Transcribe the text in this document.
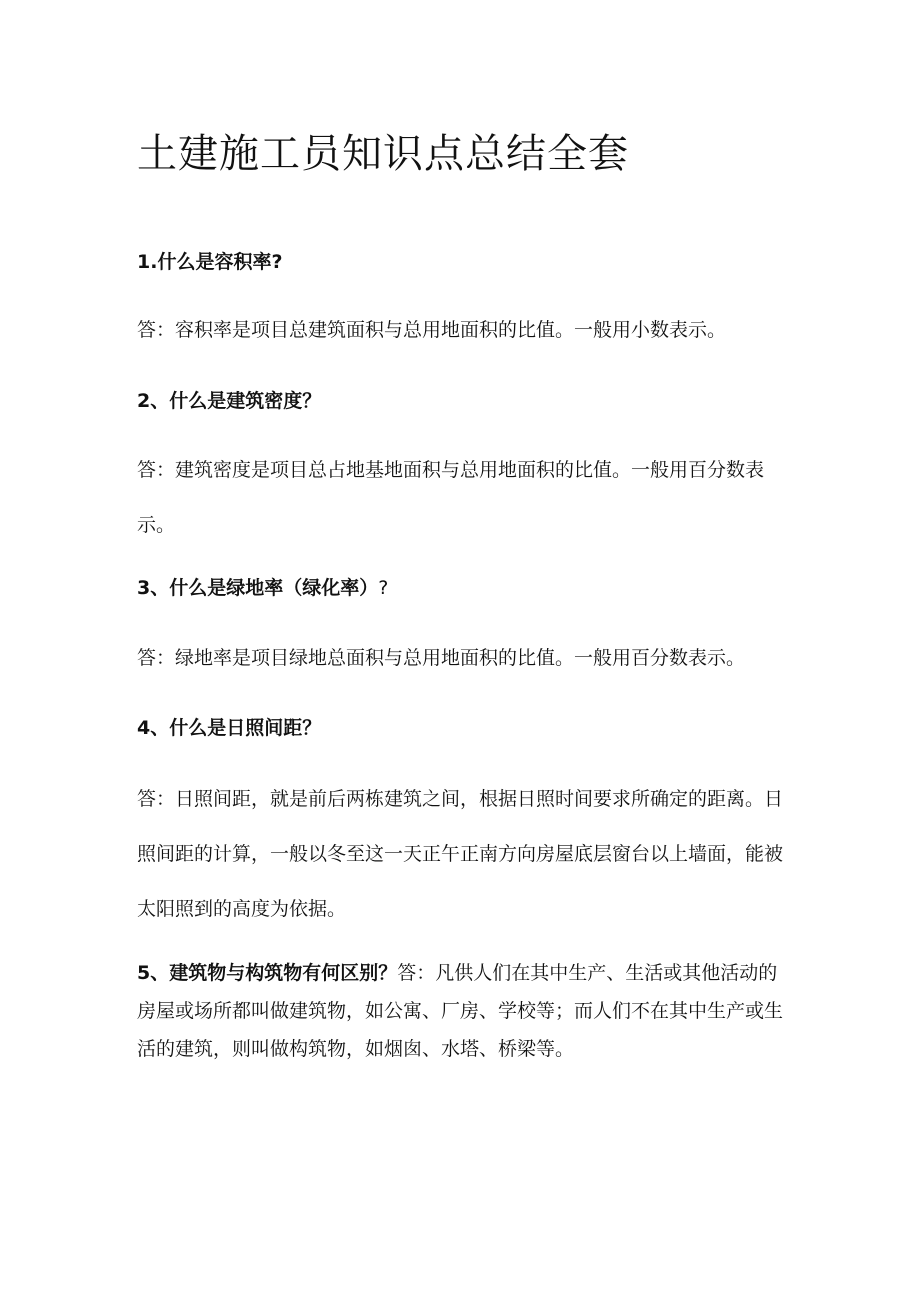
土建施工员知识点总结全套
1.什么是容积率?
答：容积率是项目总建筑面积与总用地面积的比值。一般用小数表示。
2、什么是建筑密度？
答：建筑密度是项目总占地基地面积与总用地面积的比值。一般用百分数表示。
3、什么是绿地率（绿化率）?
答：绿地率是项目绿地总面积与总用地面积的比值。一般用百分数表示。
4、什么是日照间距？
答：日照间距，就是前后两栋建筑之间，根据日照时间要求所确定的距离。日照间距的计算，一般以冬至这一天正午正南方向房屋底层窗台以上墙面，能被太阳照到的高度为依据。
5、建筑物与构筑物有何区别？答：凡供人们在其中生产、生活或其他活动的房屋或场所都叫做建筑物，如公寓、厂房、学校等；而人们不在其中生产或生活的建筑，则叫做构筑物，如烟囱、水塔、桥梁等。
